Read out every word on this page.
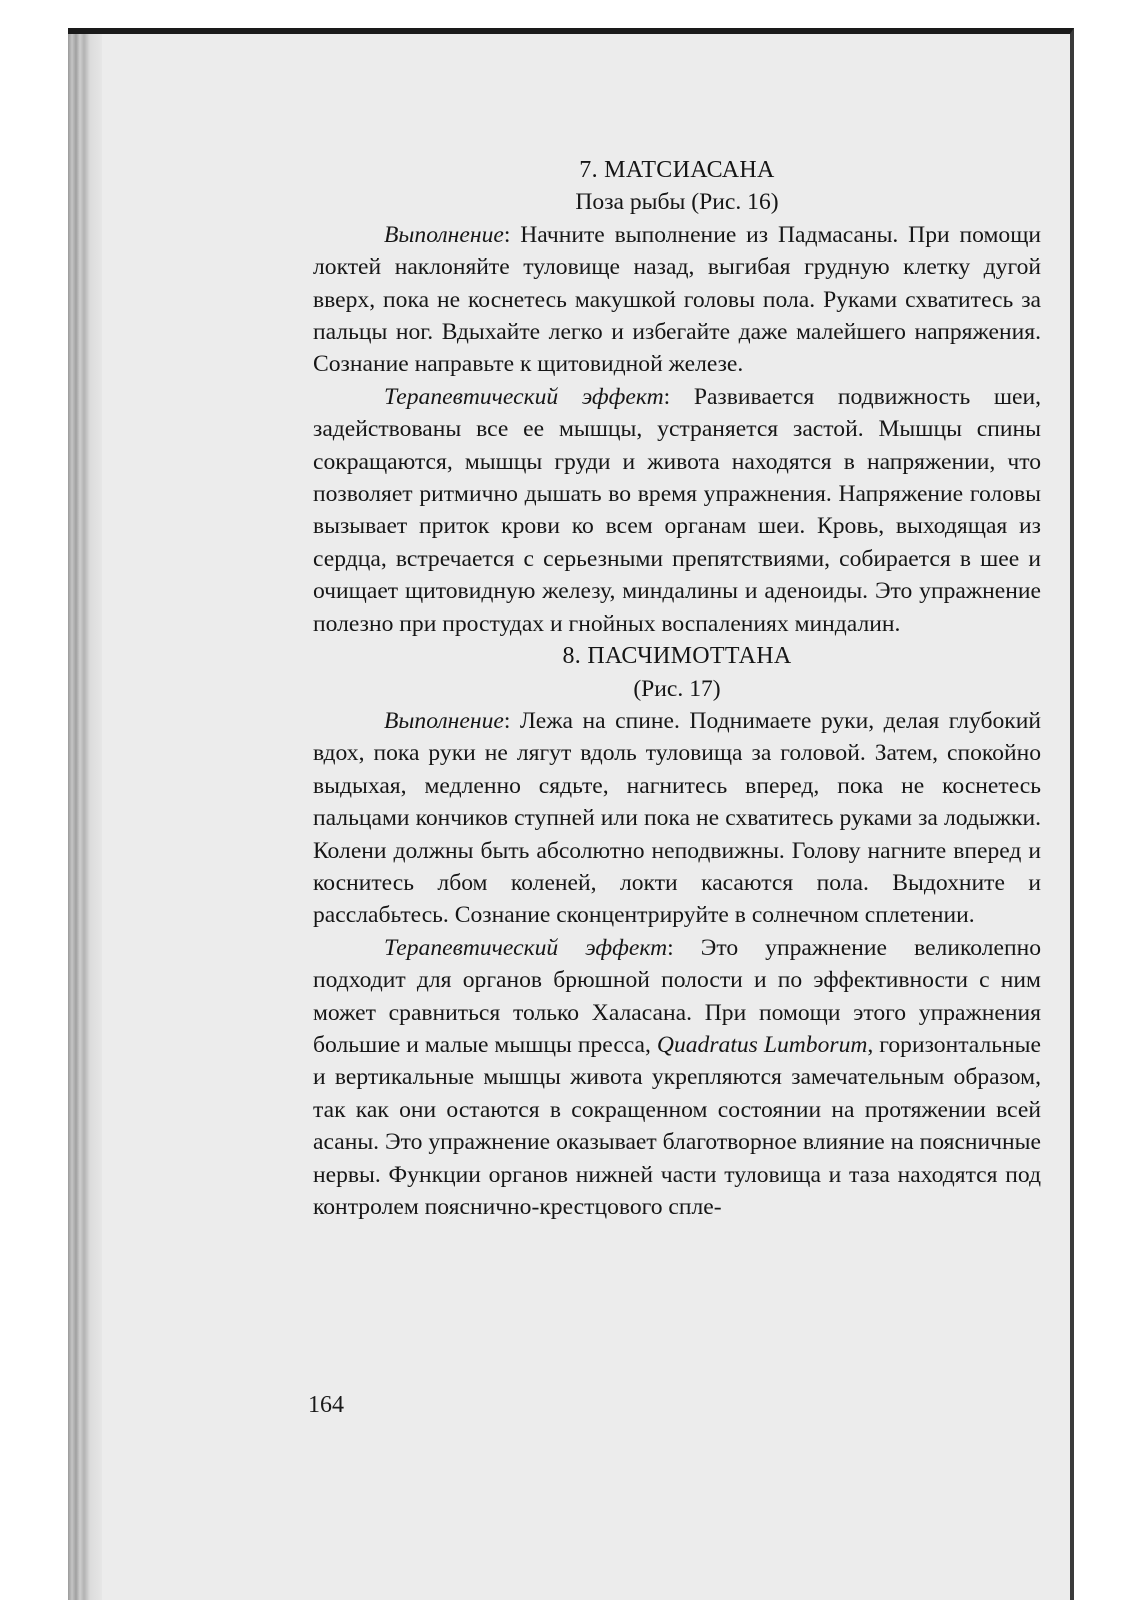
7. МАТСИАСАНА

Поза рыбы (Рис. 16)

Выполнение: Начните выполнение из Падмасаны. При помощи локтей наклоняйте туловище назад, выгибая грудную клетку дугой вверх, пока не коснетесь макушкой головы пола. Руками схватитесь за пальцы ног. Вдыхайте легко и избегайте даже малейшего напряжения. Сознание направьте к щитовидной железе.

Терапевтический эффект: Развивается подвижность шеи, задействованы все ее мышцы, устраняется застой. Мышцы спины сокращаются, мышцы груди и живота находятся в напряжении, что позволяет ритмично дышать во время упражнения. Напряжение головы вызывает приток крови ко всем органам шеи. Кровь, выходящая из сердца, встречается с серьезными препятствиями, собирается в шее и очищает щитовидную железу, миндалины и аденоиды. Это упражнение полезно при простудах и гнойных воспалениях миндалин.

8. ПАСЧИМОТТАНА

(Рис. 17)

Выполнение: Лежа на спине. Поднимаете руки, делая глубокий вдох, пока руки не лягут вдоль туловища за головой. Затем, спокойно выдыхая, медленно сядьте, нагнитесь вперед, пока не коснетесь пальцами кончиков ступней или пока не схватитесь руками за лодыжки. Колени должны быть абсолютно неподвижны. Голову нагните вперед и коснитесь лбом коленей, локти касаются пола. Выдохните и расслабьтесь. Сознание сконцентрируйте в солнечном сплетении.

Терапевтический эффект: Это упражнение великолепно подходит для органов брюшной полости и по эффективности с ним может сравниться только Халасана. При помощи этого упражнения большие и малые мышцы пресса, Quadratus Lumborum, горизонтальные и вертикальные мышцы живота укрепляются замечательным образом, так как они остаются в сокращенном состоянии на протяжении всей асаны. Это упражнение оказывает благотворное влияние на поясничные нервы. Функции органов нижней части туловища и таза находятся под контролем пояснично-крестцового спле-

164
